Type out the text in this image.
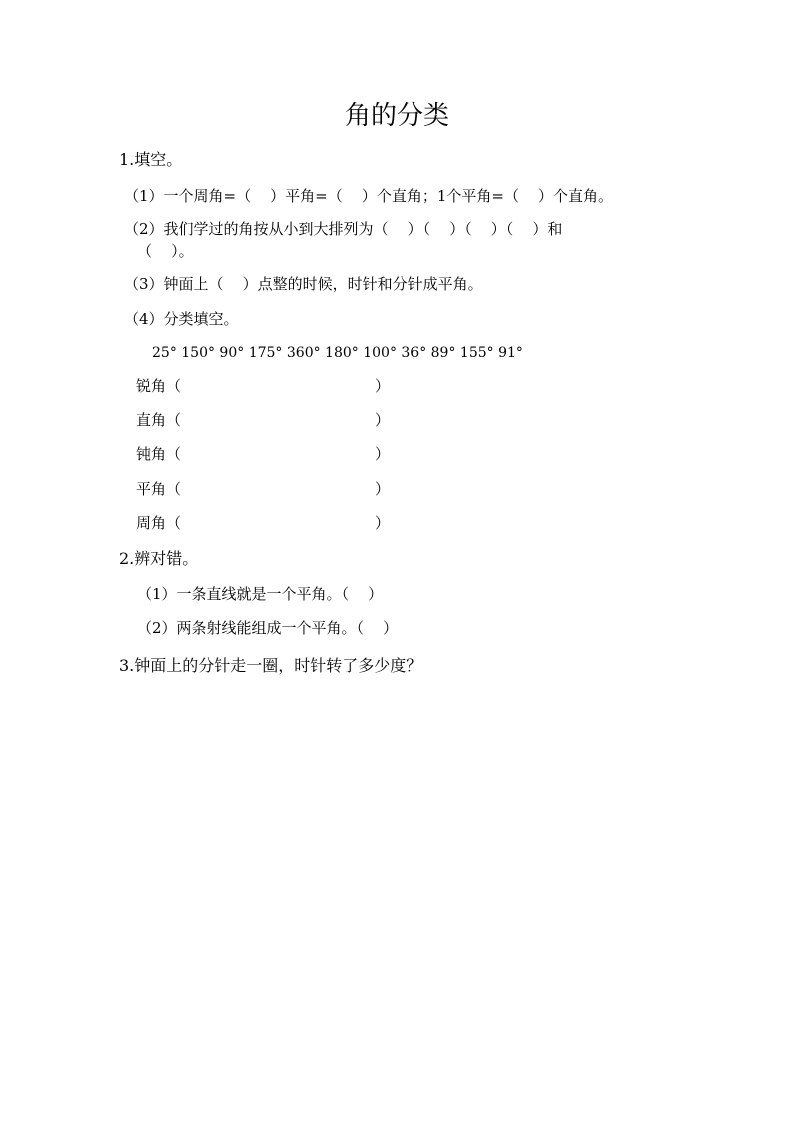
角的分类
1.填空。
（1）一个周角=（    ）平角=（    ）个直角；1个平角=（    ）个直角。
（2）我们学过的角按从小到大排列为（    ）（    ）（    ）（    ）和
（    ）。
（3）钟面上（    ）点整的时候，时针和分针成平角。
（4）分类填空。
25° 150° 90° 175° 360° 180° 100° 36° 89° 155° 91°
锐角（	）
直角（	）
钝角（	）
平角（	）
周角（	）
2.辨对错。
（1）一条直线就是一个平角。（    ）
（2）两条射线能组成一个平角。（    ）
3.钟面上的分针走一圈，时针转了多少度？
